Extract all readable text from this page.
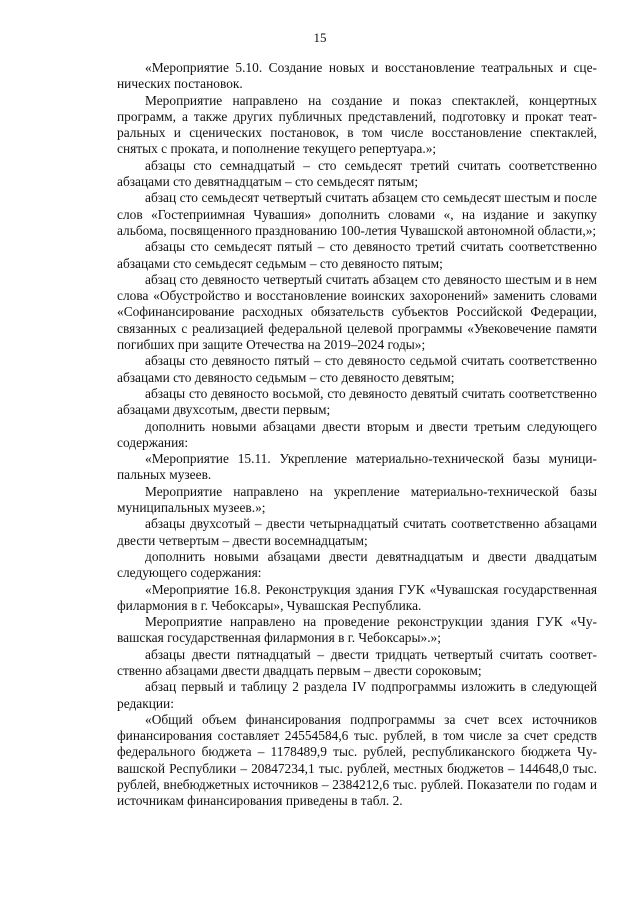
15

«Мероприятие 5.10. Создание новых и восстановление театральных и сценических постановок.

Мероприятие направлено на создание и показ спектаклей, концертных программ, а также других публичных представлений, подготовку и прокат театральных и сценических постановок, в том числе восстановление спектаклей, снятых с проката, и пополнение текущего репертуара.»;

абзацы сто семнадцатый – сто семьдесят третий считать соответственно абзацами сто девятнадцатым – сто семьдесят пятым;

абзац сто семьдесят четвертый считать абзацем сто семьдесят шестым и после слов «Гостеприимная Чувашия» дополнить словами «, на издание и закупку альбома, посвященного празднованию 100-летия Чувашской автономной области,»;

абзацы сто семьдесят пятый – сто девяносто третий считать соответственно абзацами сто семьдесят седьмым – сто девяносто пятым;

абзац сто девяносто четвертый считать абзацем сто девяносто шестым и в нем слова «Обустройство и восстановление воинских захоронений» заменить словами «Софинансирование расходных обязательств субъектов Российской Федерации, связанных с реализацией федеральной целевой программы «Увековечение памяти погибших при защите Отечества на 2019–2024 годы»;

абзацы сто девяносто пятый – сто девяносто седьмой считать соответственно абзацами сто девяносто седьмым – сто девяносто девятым;

абзацы сто девяносто восьмой, сто девяносто девятый считать соответственно абзацами двухсотым, двести первым;

дополнить новыми абзацами двести вторым и двести третьим следующего содержания:

«Мероприятие 15.11. Укрепление материально-технической базы муниципальных музеев.

Мероприятие направлено на укрепление материально-технической базы муниципальных музеев.»;

абзацы двухсотый – двести четырнадцатый считать соответственно абзацами двести четвертым – двести восемнадцатым;

дополнить новыми абзацами двести девятнадцатым и двести двадцатым следующего содержания:

«Мероприятие 16.8. Реконструкция здания ГУК «Чувашская государственная филармония в г. Чебоксары», Чувашская Республика.

Мероприятие направлено на проведение реконструкции здания ГУК «Чувашская государственная филармония в г. Чебоксары».»;

абзацы двести пятнадцатый – двести тридцать четвертый считать соответственно абзацами двести двадцать первым – двести сороковым;

абзац первый и таблицу 2 раздела IV подпрограммы изложить в следующей редакции:

«Общий объем финансирования подпрограммы за счет всех источников финансирования составляет 24554584,6 тыс. рублей, в том числе за счет средств федерального бюджета – 1178489,9 тыс. рублей, республиканского бюджета Чувашской Республики – 20847234,1 тыс. рублей, местных бюджетов – 144648,0 тыс. рублей, внебюджетных источников – 2384212,6 тыс. рублей. Показатели по годам и источникам финансирования приведены в табл. 2.
